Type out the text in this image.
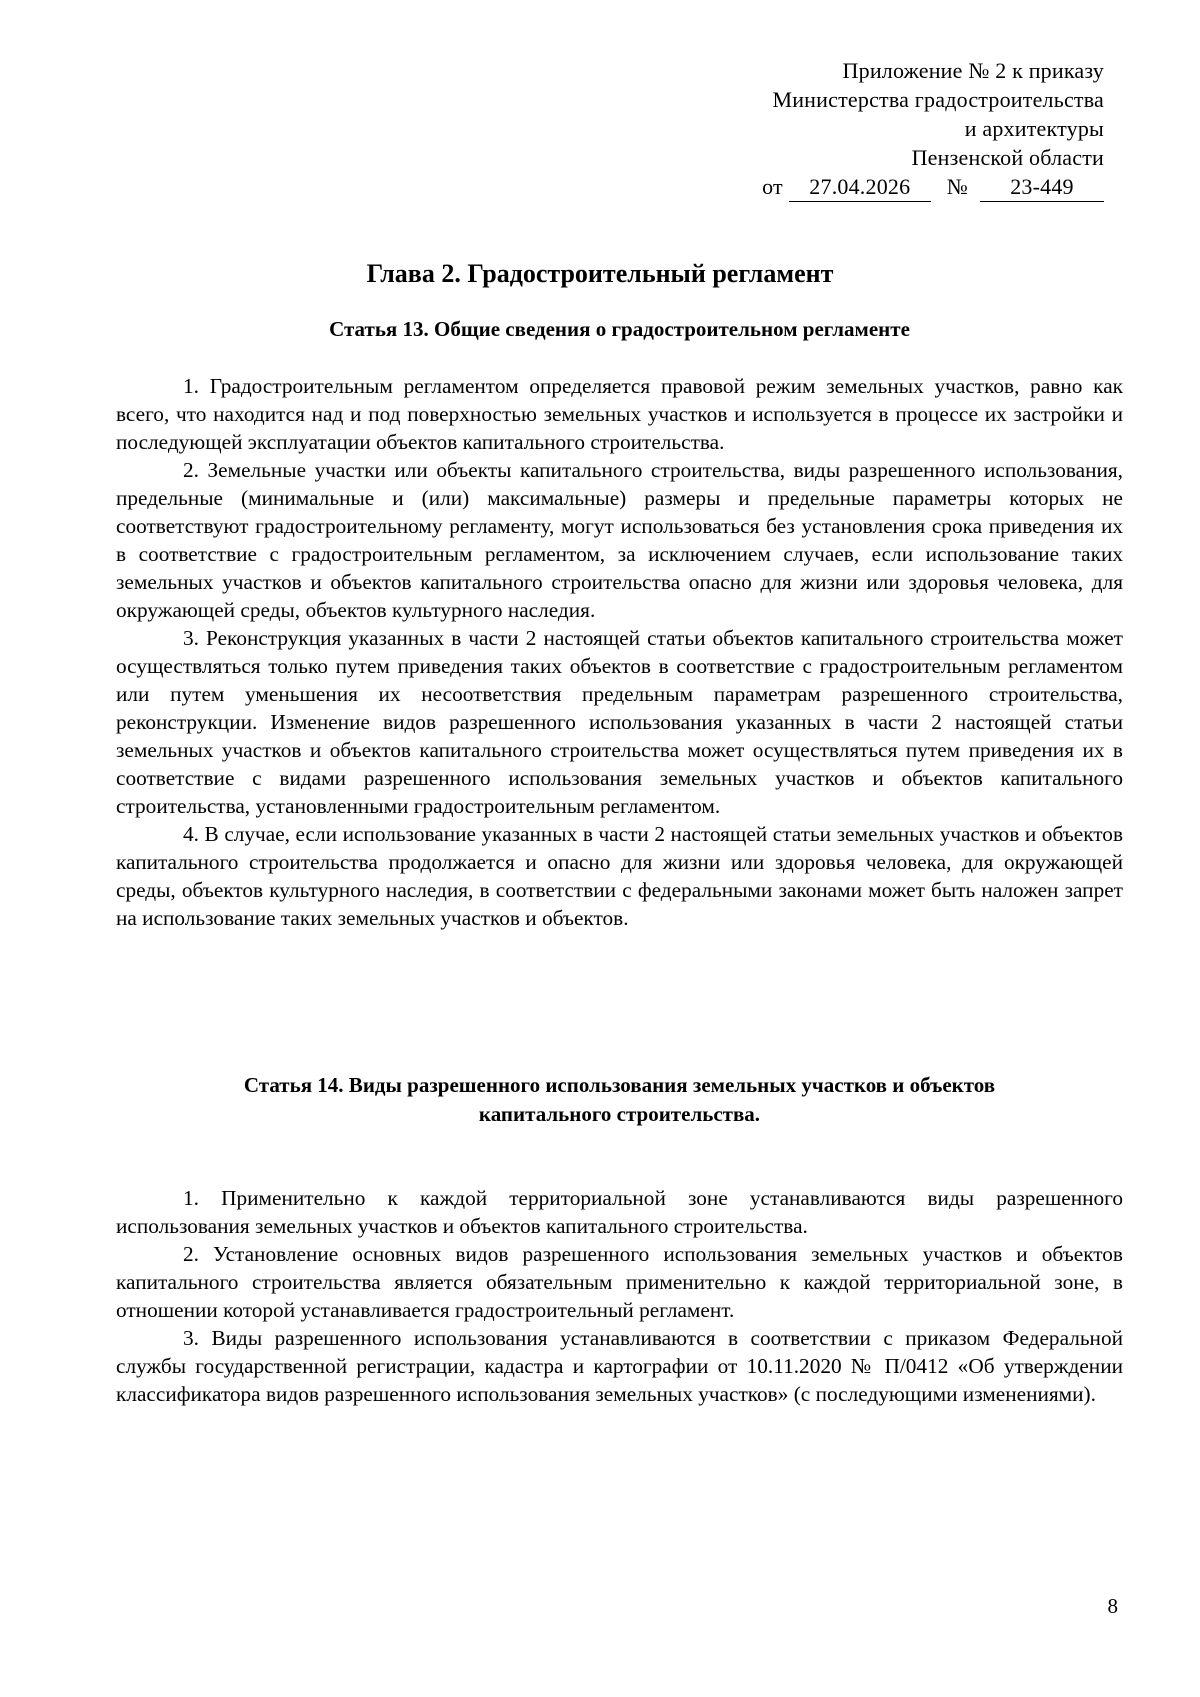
Приложение № 2 к приказу
Министерства градостроительства
и архитектуры
Пензенской области
от	27.04.2026	№	23-449
Глава 2. Градостроительный регламент
Статья 13. Общие сведения о градостроительном регламенте

1. Градостроительным регламентом определяется правовой режим земельных участков, равно как всего, что находится над и под поверхностью земельных участков и используется в процессе их застройки и последующей эксплуатации объектов капитального строительства.

2. Земельные участки или объекты капитального строительства, виды разрешенного использования, предельные (минимальные и (или) максимальные) размеры и предельные параметры которых не соответствуют градостроительному регламенту, могут использоваться без установления срока приведения их в соответствие с градостроительным регламентом, за исключением случаев, если использование таких земельных участков и объектов капитального строительства опасно для жизни или здоровья человека, для окружающей среды, объектов культурного наследия.

3. Реконструкция указанных в части 2 настоящей статьи объектов капитального строительства может осуществляться только путем приведения таких объектов в соответствие с градостроительным регламентом или путем уменьшения их несоответствия предельным параметрам разрешенного строительства, реконструкции. Изменение видов разрешенного использования указанных в части 2 настоящей статьи земельных участков и объектов капитального строительства может осуществляться путем приведения их в соответствие с видами разрешенного использования земельных участков и объектов капитального строительства, установленными градостроительным регламентом.

4. В случае, если использование указанных в части 2 настоящей статьи земельных участков и объектов капитального строительства продолжается и опасно для жизни или здоровья человека, для окружающей среды, объектов культурного наследия, в соответствии с федеральными законами может быть наложен запрет на использование таких земельных участков и объектов.

Статья 14. Виды разрешенного использования земельных участков и объектов
капитального строительства.

1. Применительно к каждой территориальной зоне устанавливаются виды разрешенного использования земельных участков и объектов капитального строительства.

2. Установление основных видов разрешенного использования земельных участков и объектов капитального строительства является обязательным применительно к каждой территориальной зоне, в отношении которой устанавливается градостроительный регламент.

3. Виды разрешенного использования устанавливаются в соответствии с приказом Федеральной службы государственной регистрации, кадастра и картографии от 10.11.2020 № П/0412 «Об утверждении классификатора видов разрешенного использования земельных участков» (с последующими изменениями).

8
